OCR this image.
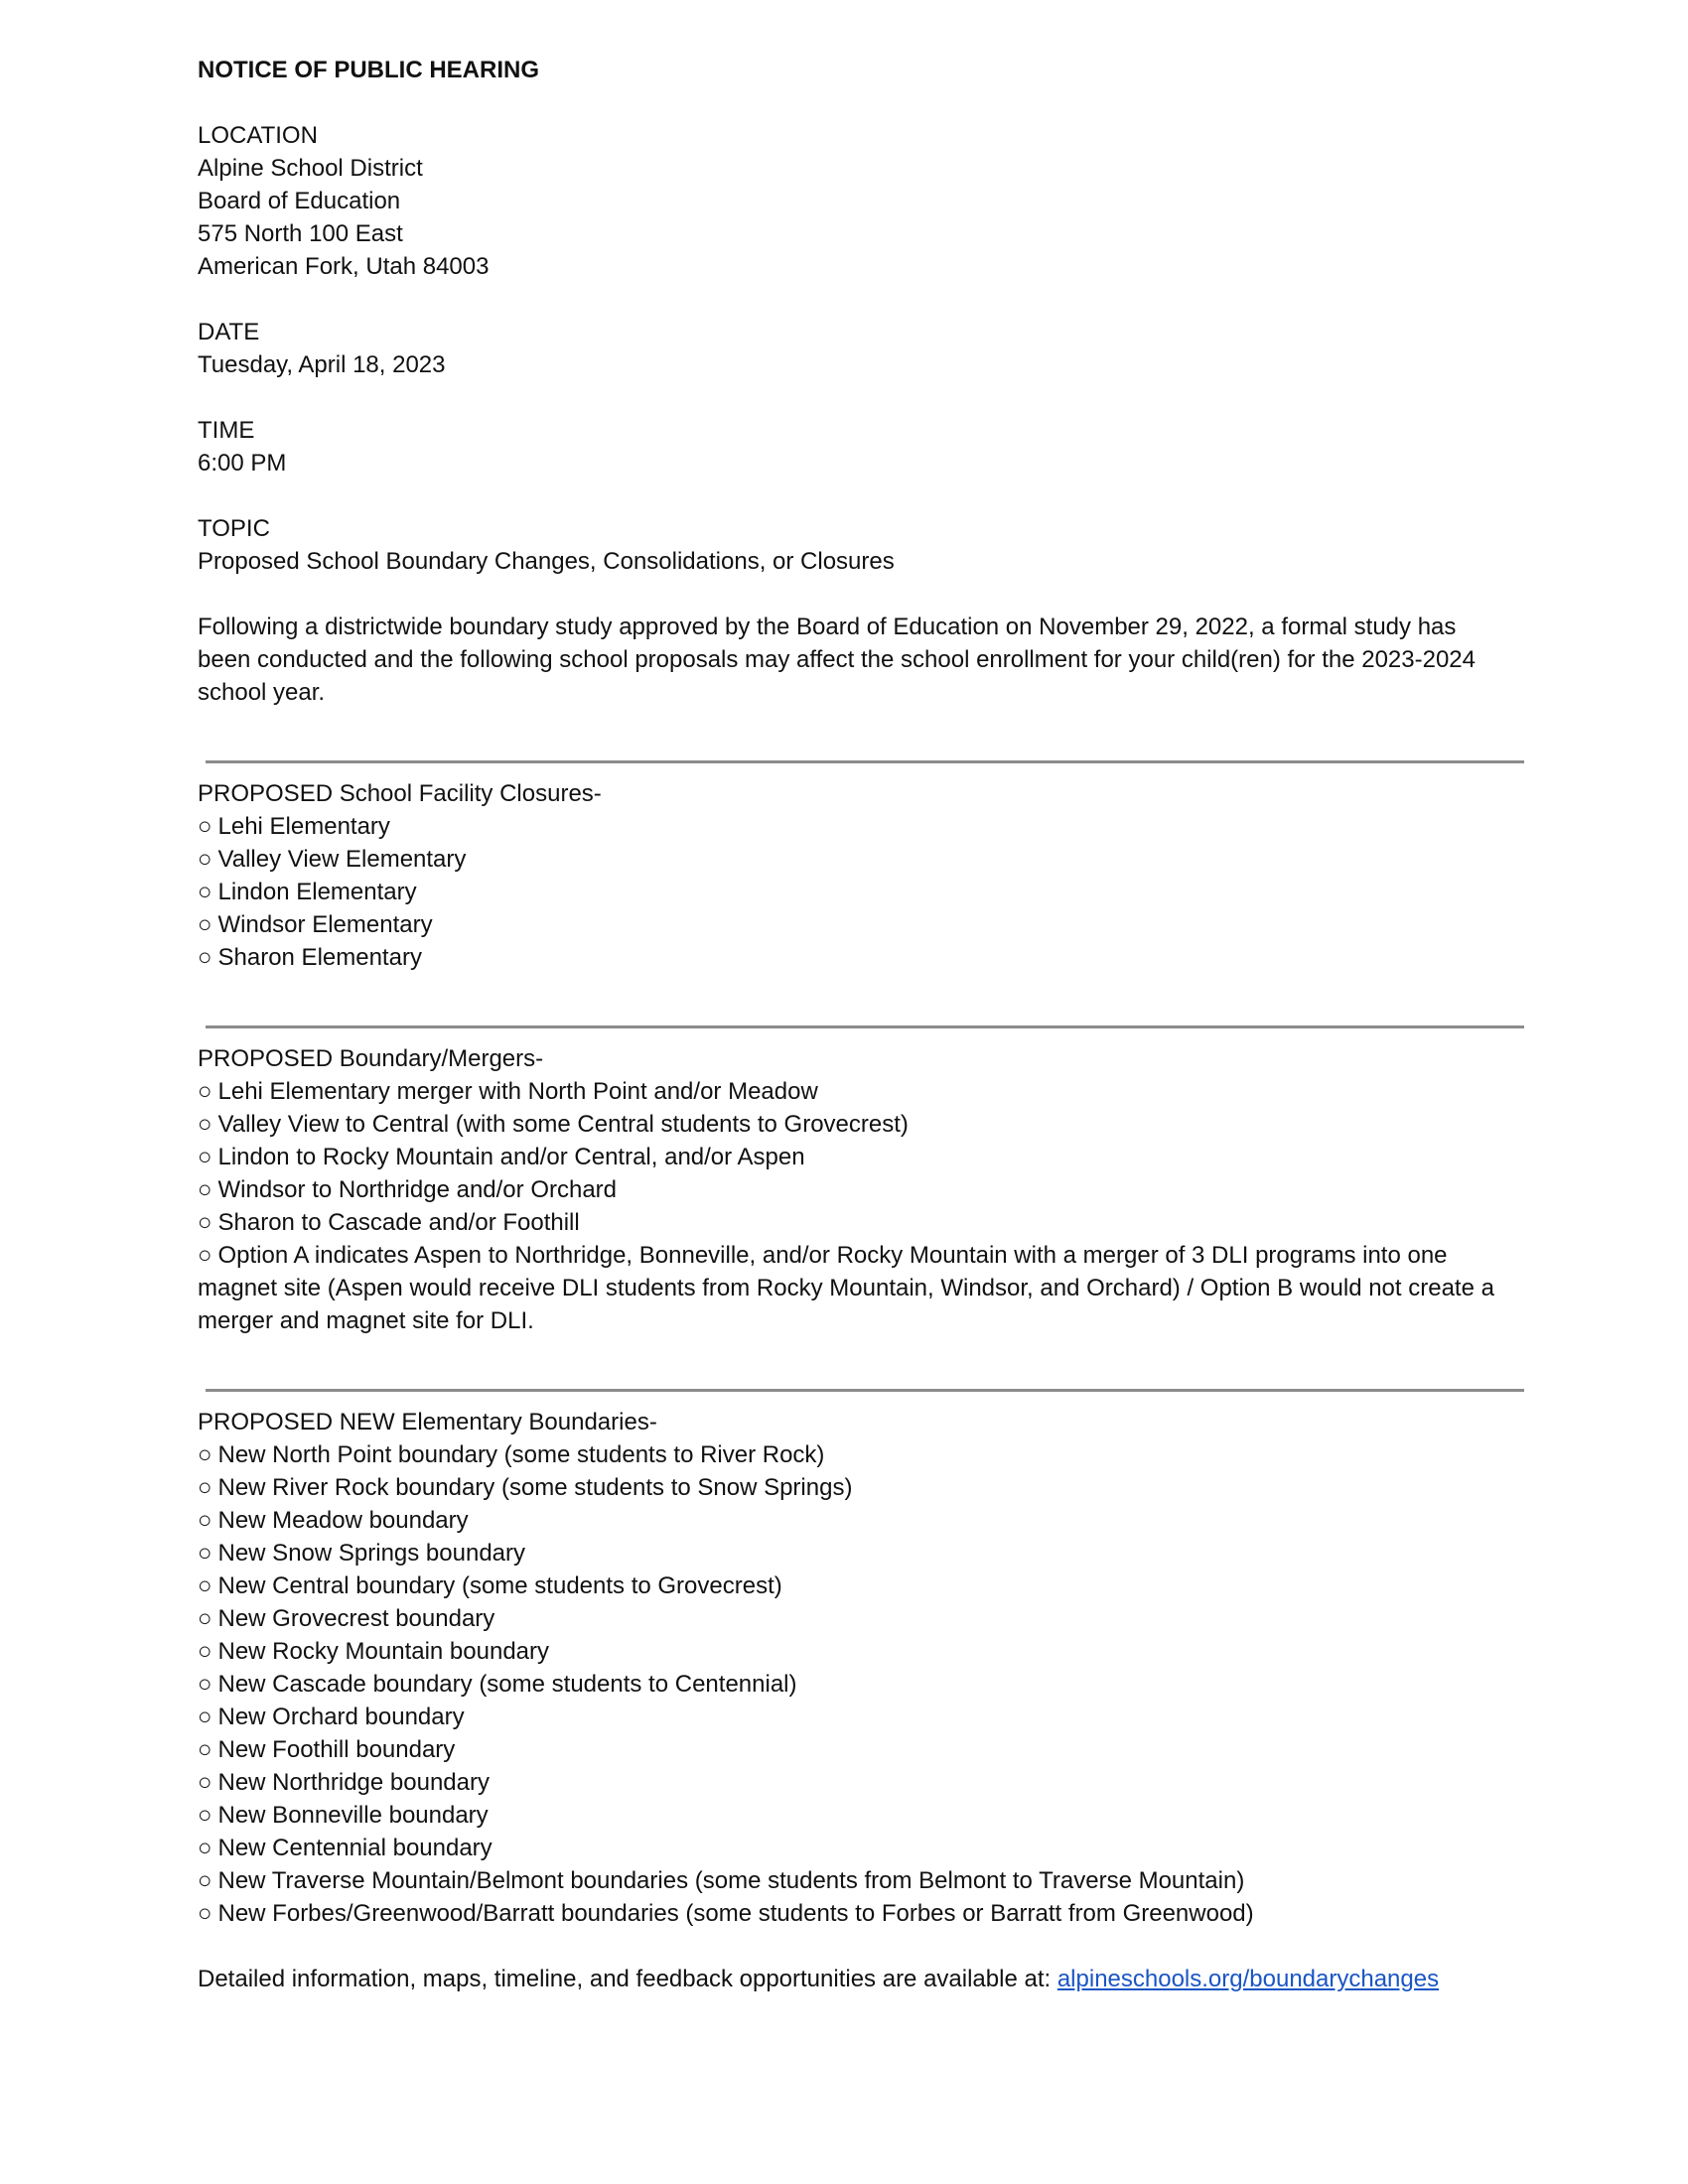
NOTICE OF PUBLIC HEARING
LOCATION
Alpine School District
Board of Education
575 North 100 East
American Fork, Utah 84003
DATE
Tuesday, April 18, 2023
TIME
6:00 PM
TOPIC
Proposed School Boundary Changes, Consolidations, or Closures
Following a districtwide boundary study approved by the Board of Education on November 29, 2022, a formal study has been conducted and the following school proposals may affect the school enrollment for your child(ren) for the 2023-2024 school year.
PROPOSED School Facility Closures-
○ Lehi Elementary
○ Valley View Elementary
○ Lindon Elementary
○ Windsor Elementary
○ Sharon Elementary
PROPOSED Boundary/Mergers-
○ Lehi Elementary merger with North Point and/or Meadow
○ Valley View to Central (with some Central students to Grovecrest)
○ Lindon to Rocky Mountain and/or Central, and/or Aspen
○ Windsor to Northridge and/or Orchard
○ Sharon to Cascade and/or Foothill
○ Option A indicates Aspen to Northridge, Bonneville, and/or Rocky Mountain with a merger of 3 DLI programs into one magnet site (Aspen would receive DLI students from Rocky Mountain, Windsor, and Orchard) / Option B would not create a merger and magnet site for DLI.
PROPOSED NEW Elementary Boundaries-
○ New North Point boundary (some students to River Rock)
○ New River Rock boundary (some students to Snow Springs)
○ New Meadow boundary
○ New Snow Springs boundary
○ New Central boundary (some students to Grovecrest)
○ New Grovecrest boundary
○ New Rocky Mountain boundary
○ New Cascade boundary (some students to Centennial)
○ New Orchard boundary
○ New Foothill boundary
○ New Northridge boundary
○ New Bonneville boundary
○ New Centennial boundary
○ New Traverse Mountain/Belmont boundaries (some students from Belmont to Traverse Mountain)
○ New Forbes/Greenwood/Barratt boundaries (some students to Forbes or Barratt from Greenwood)
Detailed information, maps, timeline, and feedback opportunities are available at: alpineschools.org/boundarychanges
